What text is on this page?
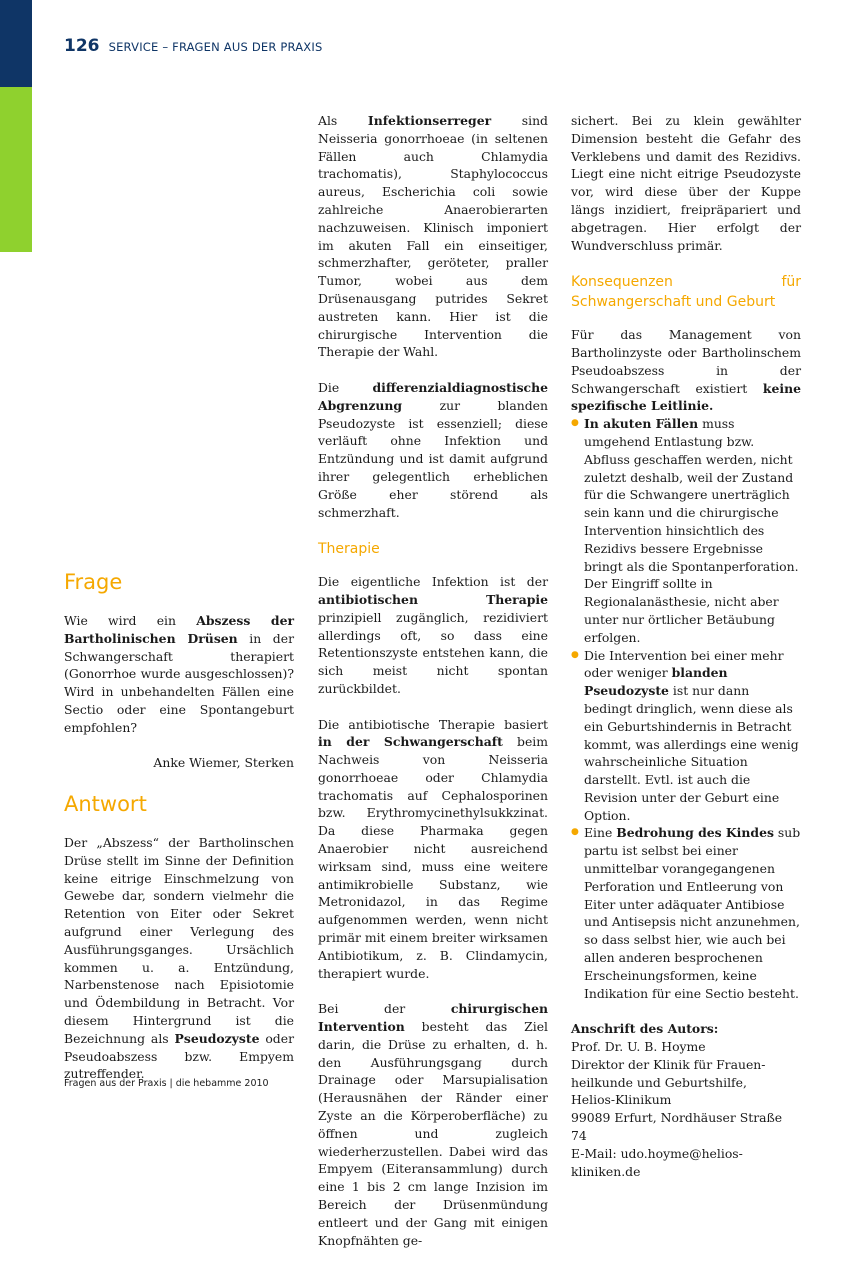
126 SERVICE – FRAGEN AUS DER PRAXIS
Frage

Wie wird ein Abszess der Bartholinischen Drüsen in der Schwangerschaft therapiert (Gonorrhoe wurde ausgeschlossen)? Wird in unbehandelten Fällen eine Sectio oder eine Spontangeburt empfohlen?

Anke Wiemer, Sterken

Antwort

Der „Abszess“ der Bartholinschen Drüse stellt im Sinne der Definition keine eitrige Einschmelzung von Gewebe dar, sondern vielmehr die Retention von Eiter oder Sekret aufgrund einer Verlegung des Ausführungsganges. Ursächlich kommen u. a. Entzündung, Narbenstenose nach Episiotomie und Ödembildung in Betracht. Vor diesem Hintergrund ist die Bezeichnung als Pseudozyste oder Pseudoabszess bzw. Empyem zutreffender.

Als Infektionserreger sind Neisseria gonorrhoeae (in seltenen Fällen auch Chlamydia trachomatis), Staphylococcus aureus, Escherichia coli sowie zahlreiche Anaerobierarten nachzuweisen. Klinisch imponiert im akuten Fall ein einseitiger, schmerzhafter, geröteter, praller Tumor, wobei aus dem Drüsenausgang putrides Sekret austreten kann. Hier ist die chirurgische Intervention die Therapie der Wahl.

Die differenzialdiagnostische Abgrenzung zur blanden Pseudozyste ist essenziell; diese verläuft ohne Infektion und Entzündung und ist damit aufgrund ihrer gelegentlich erheblichen Größe eher störend als schmerzhaft.

Therapie

Die eigentliche Infektion ist der antibiotischen Therapie prinzipiell zugänglich, rezidiviert allerdings oft, so dass eine Retentionszyste entstehen kann, die sich meist nicht spontan zurückbildet.

Die antibiotische Therapie basiert in der Schwangerschaft beim Nachweis von Neisseria gonorrhoeae oder Chlamydia trachomatis auf Cephalosporinen bzw. Erythromycinethylsukkzinat. Da diese Pharmaka gegen Anaerobier nicht ausreichend wirksam sind, muss eine weitere antimikrobielle Substanz, wie Metronidazol, in das Regime aufgenommen werden, wenn nicht primär mit einem breiter wirksamen Antibiotikum, z. B. Clindamycin, therapiert wurde.

Bei der chirurgischen Intervention besteht das Ziel darin, die Drüse zu erhalten, d. h. den Ausführungsgang durch Drainage oder Marsupialisation (Herausnähen der Ränder einer Zyste an die Körperoberfläche) zu öffnen und zugleich wiederherzustellen. Dabei wird das Empyem (Eiteransammlung) durch eine 1 bis 2 cm lange Inzision im Bereich der Drüsenmündung entleert und der Gang mit einigen Knopfnähten ge-

sichert. Bei zu klein gewählter Dimension besteht die Gefahr des Verklebens und damit des Rezidivs. Liegt eine nicht eitrige Pseudozyste vor, wird diese über der Kuppe längs inzidiert, freipräpariert und abgetragen. Hier erfolgt der Wundverschluss primär.

Konsequenzen für Schwangerschaft und Geburt

Für das Management von Bartholinzyste oder Bartholinschem Pseudoabszess in der Schwangerschaft existiert keine spezifische Leitlinie.

● In akuten Fällen muss umgehend Entlastung bzw. Abfluss geschaffen werden, nicht zuletzt deshalb, weil der Zustand für die Schwangere unerträglich sein kann und die chirurgische Intervention hinsichtlich des Rezidivs bessere Ergebnisse bringt als die Spontanperforation. Der Eingriff sollte in Regionalanästhesie, nicht aber unter nur örtlicher Betäubung erfolgen.
● Die Intervention bei einer mehr oder weniger blanden Pseudozyste ist nur dann bedingt dringlich, wenn diese als ein Geburtshindernis in Betracht kommt, was allerdings eine wenig wahrscheinliche Situation darstellt. Evtl. ist auch die Revision unter der Geburt eine Option.
● Eine Bedrohung des Kindes sub partu ist selbst bei einer unmittelbar vorangegangenen Perforation und Entleerung von Eiter unter adäquater Antibiose und Antisepsis nicht anzunehmen, so dass selbst hier, wie auch bei allen anderen besprochenen Erscheinungsformen, keine Indikation für eine Sectio besteht.
Anschrift des Autors:
Prof. Dr. U. B. Hoyme
Direktor der Klinik für Frauen-
heilkunde und Geburtshilfe,
Helios-Klinikum
99089 Erfurt, Nordhäuser Straße 74
E-Mail: udo.hoyme@helios-kliniken.de
Fragen aus der Praxis | die hebamme 2010
